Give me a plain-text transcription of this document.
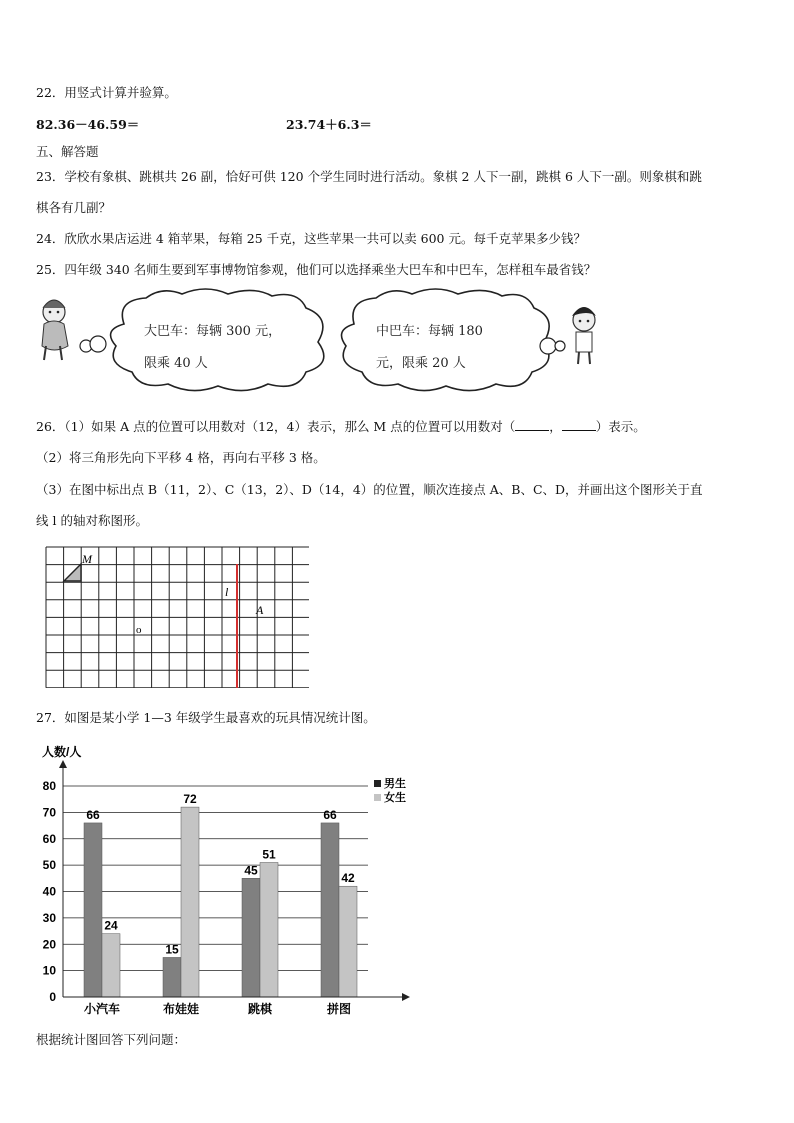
22．用竖式计算并验算。
82.36－46.59＝	23.74＋6.3＝
五、解答题
23．学校有象棋、跳棋共 26 副，恰好可供 120 个学生同时进行活动。象棋 2 人下一副，跳棋 6 人下一副。则象棋和跳
棋各有几副？
24．欣欣水果店运进 4 箱苹果，每箱 25 千克，这些苹果一共可以卖 600 元。每千克苹果多少钱？
25．四年级 340 名师生要到军事博物馆参观，他们可以选择乘坐大巴车和中巴车，怎样租车最省钱？
大巴车：每辆 300 元，
限乘 40 人
中巴车：每辆 180
元，限乘 20 人
26．（1）如果 A 点的位置可以用数对（12，4）表示，那么 M 点的位置可以用数对（	，	）表示。
（2）将三角形先向下平移 4 格，再向右平移 3 格。
（3）在图中标出点 B（11，2）、C（13，2）、D（14，4）的位置，顺次连接点 A、B、C、D，并画出这个图形关于直
线 l 的轴对称图形。
M
l
A
o
27．如图是某小学 1—3 年级学生最喜欢的玩具情况统计图。
人数/人
0
10
20
30
40
50
60
70
80
66
24
15
72
45
51
66
42
小汽车	布娃娃	跳棋	拼图
男生
女生
根据统计图回答下列问题：
